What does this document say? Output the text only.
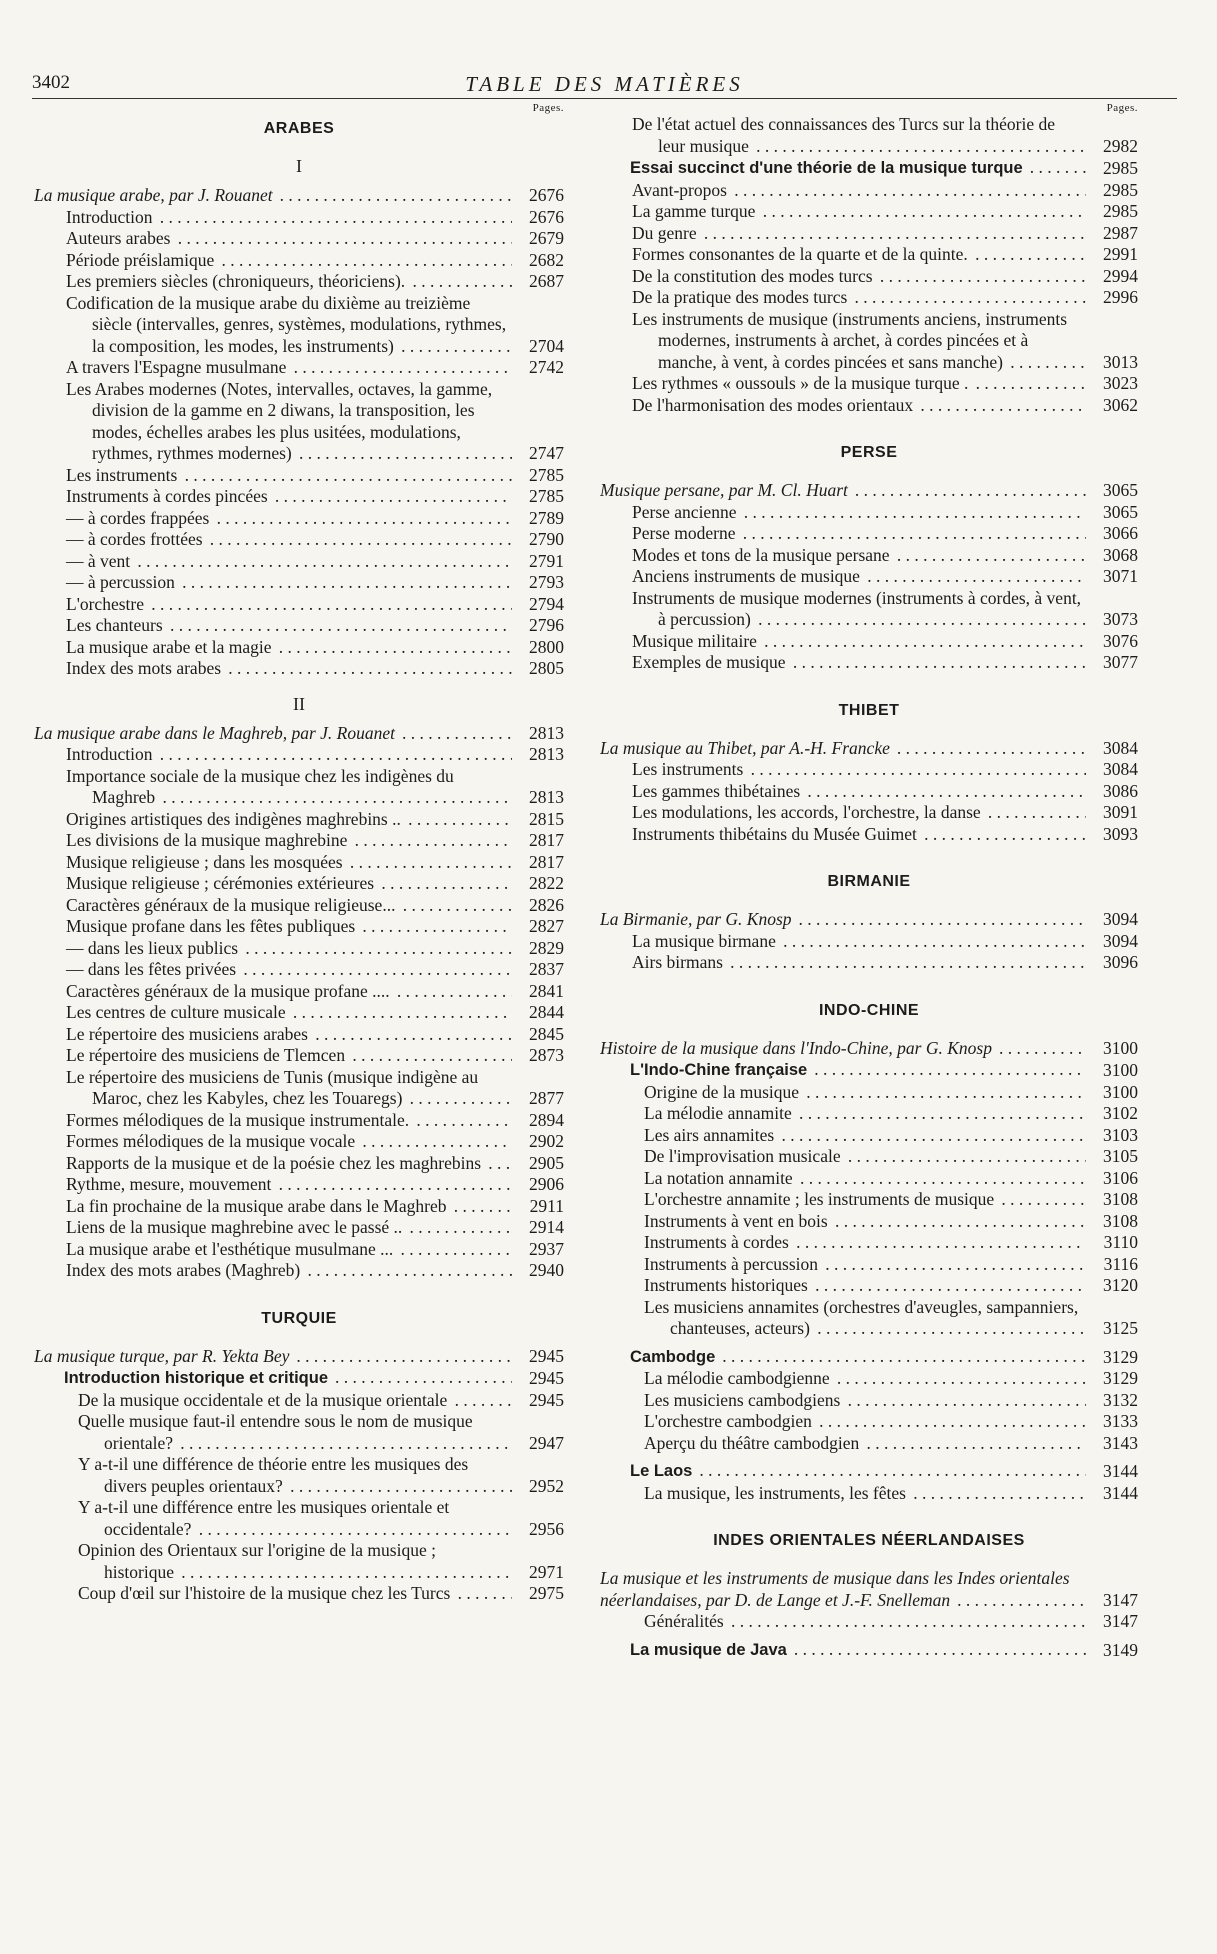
3402	TABLE DES MATIÈRES
Pages.
ARABES
I
La musique arabe, par J. Rouanet . . .	2676
Introduction . . .	2676
Auteurs arabes . . .	2679
Période préislamique . . .	2682
Les premiers siècles (chroniqueurs, théoriciens). . . .	2687
Codification de la musique arabe du dixième au treizième siècle (intervalles, genres, systèmes, modulations, rythmes, la composition, les modes, les instruments) . . .	2704
A travers l'Espagne musulmane . . .	2742
Les Arabes modernes (Notes, intervalles, octaves, la gamme, division de la gamme en 2 diwans, la transposition, les modes, échelles arabes les plus usitées, modulations, rythmes, rythmes modernes) . . .	2747
Les instruments . . .	2785
Instruments à cordes pincées . . .	2785
— à cordes frappées . . .	2789
— à cordes frottées . . .	2790
— à vent . . .	2791
— à percussion . . .	2793
L'orchestre . . .	2794
Les chanteurs . . .	2796
La musique arabe et la magie . . .	2800
Index des mots arabes . . .	2805
II
La musique arabe dans le Maghreb, par J. Rouanet . . .	2813
Introduction . . .	2813
Importance sociale de la musique chez les indigènes du Maghreb . . .	2813
Origines artistiques des indigènes maghrebins .. . . .	2815
Les divisions de la musique maghrebine . . .	2817
Musique religieuse ; dans les mosquées . . .	2817
Musique religieuse ; cérémonies extérieures . . .	2822
Caractères généraux de la musique religieuse... . . .	2826
Musique profane dans les fêtes publiques . . .	2827
— dans les lieux publics . . .	2829
— dans les fêtes privées . . .	2837
Caractères généraux de la musique profane .... . . .	2841
Les centres de culture musicale . . .	2844
Le répertoire des musiciens arabes . . .	2845
Le répertoire des musiciens de Tlemcen . . .	2873
Le répertoire des musiciens de Tunis (musique indigène au Maroc, chez les Kabyles, chez les Touaregs) . . .	2877
Formes mélodiques de la musique instrumentale. . . .	2894
Formes mélodiques de la musique vocale . . .	2902
Rapports de la musique et de la poésie chez les maghrebins . . .	2905
Rythme, mesure, mouvement . . .	2906
La fin prochaine de la musique arabe dans le Maghreb . . .	2911
Liens de la musique maghrebine avec le passé .. . . .	2914
La musique arabe et l'esthétique musulmane ... . . .	2937
Index des mots arabes (Maghreb) . . .	2940
TURQUIE
La musique turque, par R. Yekta Bey . . .	2945
Introduction historique et critique . . .	2945
De la musique occidentale et de la musique orientale . . .	2945
Quelle musique faut-il entendre sous le nom de musique orientale? . . .	2947
Y a-t-il une différence de théorie entre les musiques des divers peuples orientaux? . . .	2952
Y a-t-il une différence entre les musiques orientale et occidentale? . . .	2956
Opinion des Orientaux sur l'origine de la musique ; historique . . .	2971
Coup d'œil sur l'histoire de la musique chez les Turcs . . .	2975
Pages.
De l'état actuel des connaissances des Turcs sur la théorie de leur musique . . .	2982
Essai succinct d'une théorie de la musique turque . . .	2985
Avant-propos . . .	2985
La gamme turque . . .	2985
Du genre . . .	2987
Formes consonantes de la quarte et de la quinte. . . .	2991
De la constitution des modes turcs . . .	2994
De la pratique des modes turcs . . .	2996
Les instruments de musique (instruments anciens, instruments modernes, instruments à archet, à cordes pincées et à manche, à vent, à cordes pincées et sans manche) . . .	3013
Les rythmes « oussouls » de la musique turque . . . .	3023
De l'harmonisation des modes orientaux . . .	3062
PERSE
Musique persane, par M. Cl. Huart . . .	3065
Perse ancienne . . .	3065
Perse moderne . . .	3066
Modes et tons de la musique persane . . .	3068
Anciens instruments de musique . . .	3071
Instruments de musique modernes (instruments à cordes, à vent, à percussion) . . .	3073
Musique militaire . . .	3076
Exemples de musique . . .	3077
THIBET
La musique au Thibet, par A.-H. Francke . . .	3084
Les instruments . . .	3084
Les gammes thibétaines . . .	3086
Les modulations, les accords, l'orchestre, la danse . . .	3091
Instruments thibétains du Musée Guimet . . .	3093
BIRMANIE
La Birmanie, par G. Knosp . . .	3094
La musique birmane . . .	3094
Airs birmans . . .	3096
INDO-CHINE
Histoire de la musique dans l'Indo-Chine, par G. Knosp . . .	3100
L'Indo-Chine française . . .	3100
Origine de la musique . . .	3100
La mélodie annamite . . .	3102
Les airs annamites . . .	3103
De l'improvisation musicale . . .	3105
La notation annamite . . .	3106
L'orchestre annamite ; les instruments de musique . . .	3108
Instruments à vent en bois . . .	3108
Instruments à cordes . . .	3110
Instruments à percussion . . .	3116
Instruments historiques . . .	3120
Les musiciens annamites (orchestres d'aveugles, sampanniers, chanteuses, acteurs) . . .	3125
Cambodge . . .	3129
La mélodie cambodgienne . . .	3129
Les musiciens cambodgiens . . .	3132
L'orchestre cambodgien . . .	3133
Aperçu du théâtre cambodgien . . .	3143
Le Laos . . .	3144
La musique, les instruments, les fêtes . . .	3144
INDES ORIENTALES NÉERLANDAISES
La musique et les instruments de musique dans les Indes orientales néerlandaises, par D. de Lange et J.-F. Snelleman . . .	3147
Généralités . . .	3147
La musique de Java . . .	3149
